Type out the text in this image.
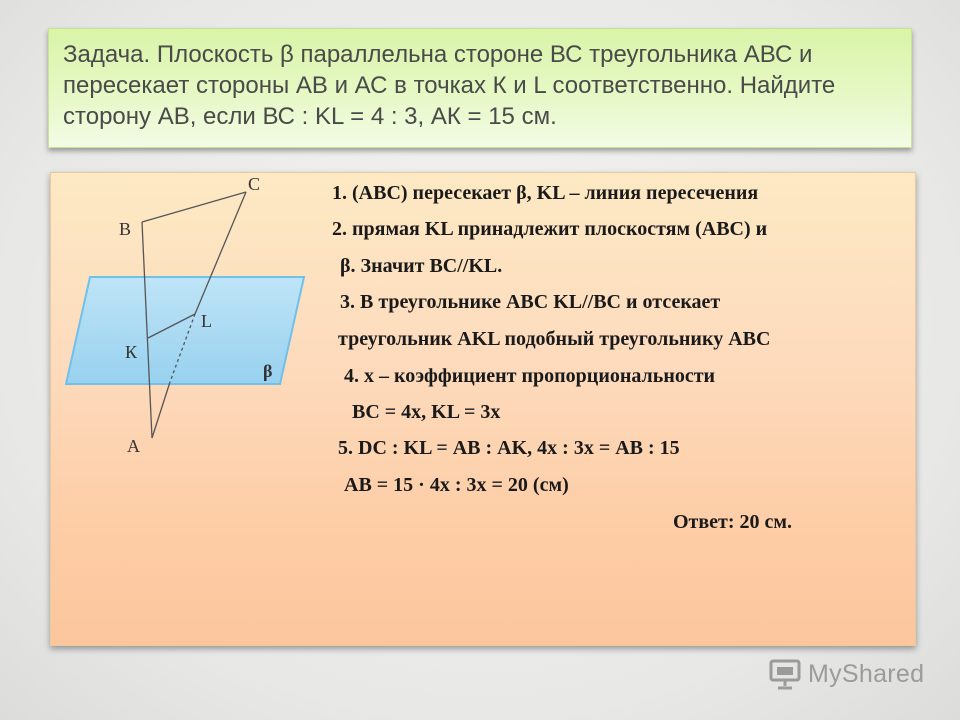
Задача. Плоскость β параллельна стороне ВС треугольника АВС и пересекает стороны АВ и АС в точках К и L соответственно. Найдите сторону АВ, если ВС : KL = 4 : 3, АК = 15 см.

С
В
L
К
А
β

1. (АВС) пересекает β, KL – линия пересечения

2. прямая KL принадлежит плоскостям (АВС) и

β. Значит ВС//KL.

3. В треугольнике АВС KL//ВС и отсекает

треугольник АKL подобный треугольнику АВС

4. х – коэффициент пропорциональности

ВС = 4х, KL = 3х

5. DС : KL = АВ : АK, 4х : 3х = АВ : 15

АВ = 15 · 4х : 3х = 20 (см)

Ответ: 20 см.

MyShared
